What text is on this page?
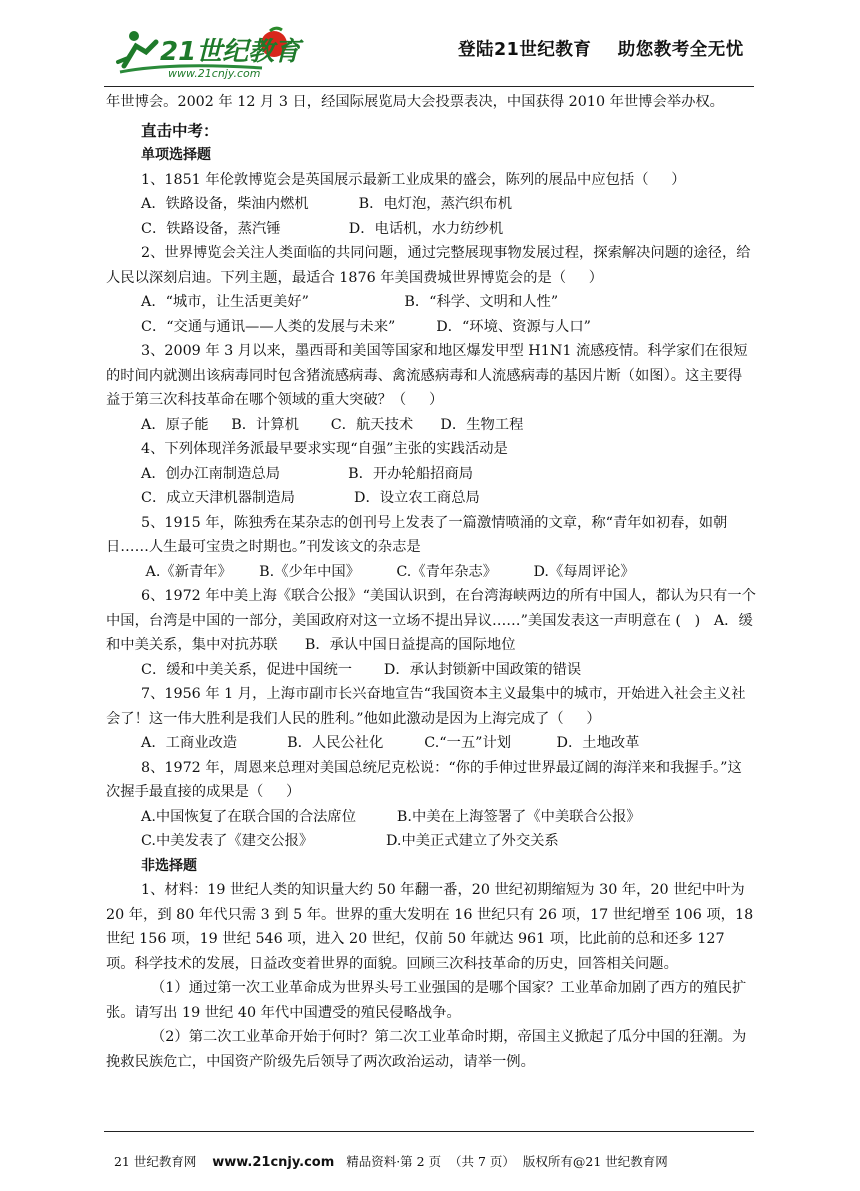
21世纪教育
www.21cnjy.com
登陆21世纪教育    助您教考全无忧
年世博会。2002 年 12 月 3 日，经国际展览局大会投票表决，中国获得 2010 年世博会举办权。
直击中考：
单项选择题
1、1851 年伦敦博览会是英国展示最新工业成果的盛会，陈列的展品中应包括（     ）
A．铁路设备，柴油内燃机           B．电灯泡，蒸汽织布机
C．铁路设备，蒸汽锤               D．电话机，水力纺纱机
2、世界博览会关注人类面临的共同问题，通过完整展现事物发展过程，探索解决问题的途径，给人民以深刻启迪。下列主题，最适合 1876 年美国费城世界博览会的是（     ）
A．“城市，让生活更美好”                     B．“科学、文明和人性”
C．“交通与通讯——人类的发展与未来”         D．“环境、资源与人口”
3、2009 年 3 月以来，墨西哥和美国等国家和地区爆发甲型 H1N1 流感疫情。科学家们在很短的时间内就测出该病毒同时包含猪流感病毒、禽流感病毒和人流感病毒的基因片断（如图）。这主要得益于第三次科技革命在哪个领域的重大突破？（     ）
A．原子能     B．计算机       C．航天技术      D．生物工程
4、下列体现洋务派最早要求实现“自强”主张的实践活动是
A．创办江南制造总局               B．开办轮船招商局
C．成立天津机器制造局             D．设立农工商总局
5、1915 年，陈独秀在某杂志的创刊号上发表了一篇激情喷涌的文章，称“青年如初春，如朝日……人生最可宝贵之时期也。”刊发该文的杂志是
A.《新青年》      B.《少年中国》        C.《青年杂志》        D.《每周评论》
6、1972 年中美上海《联合公报》“美国认识到，在台湾海峡两边的所有中国人，都认为只有一个中国，台湾是中国的一部分，美国政府对这一立场不提出异议……”美国发表这一声明意在 (   )   A．缓和中美关系，集中对抗苏联      B．承认中国日益提高的国际地位
C．缓和中美关系，促进中国统一       D．承认封锁新中国政策的错误
7、1956 年 1 月，上海市副市长兴奋地宣告“我国资本主义最集中的城市，开始进入社会主义社会了！这一伟大胜利是我们人民的胜利。”他如此激动是因为上海完成了（     ）
A．工商业改造           B．人民公社化         C.“一五”计划          D．土地改革
8、1972 年，周恩来总理对美国总统尼克松说：“你的手伸过世界最辽阔的海洋来和我握手。”这次握手最直接的成果是（     ）
A.中国恢复了在联合国的合法席位         B.中美在上海签署了《中美联合公报》
C.中美发表了《建交公报》                D.中美正式建立了外交关系
非选择题
1、材料：19 世纪人类的知识量大约 50 年翻一番，20 世纪初期缩短为 30 年，20 世纪中叶为 20 年，到 80 年代只需 3 到 5 年。世界的重大发明在 16 世纪只有 26 项，17 世纪增至 106 项，18 世纪 156 项，19 世纪 546 项，进入 20 世纪，仅前 50 年就达 961 项，比此前的总和还多 127 项。科学技术的发展，日益改变着世界的面貌。回顾三次科技革命的历史，回答相关问题。
（1）通过第一次工业革命成为世界头号工业强国的是哪个国家？工业革命加剧了西方的殖民扩张。请写出 19 世纪 40 年代中国遭受的殖民侵略战争。
（2）第二次工业革命开始于何时？第二次工业革命时期，帝国主义掀起了瓜分中国的狂潮。为挽救民族危亡，中国资产阶级先后领导了两次政治运动，请举一例。

21 世纪教育网    www.21cnjy.com   精品资料·第 2 页  （共 7 页）  版权所有@21 世纪教育网
